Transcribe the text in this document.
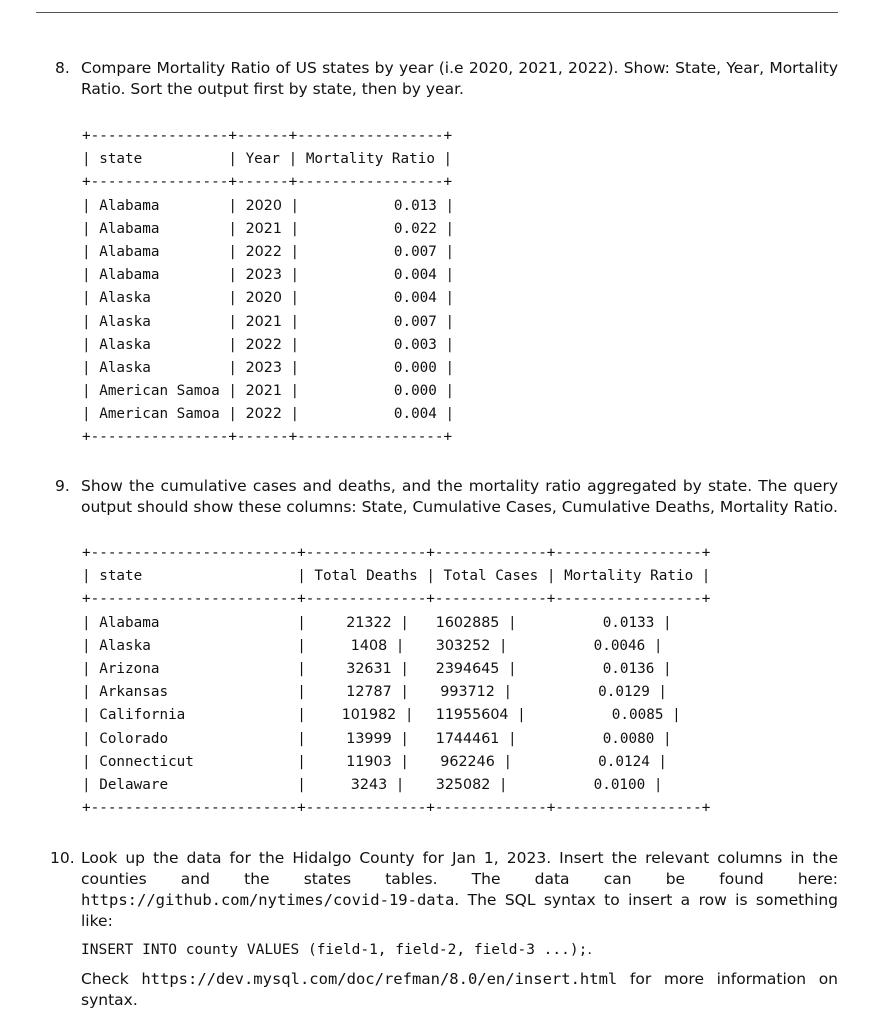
8. Compare Mortality Ratio of US states by year (i.e 2020, 2021, 2022). Show: State, Year, Mortality Ratio. Sort the output first by state, then by year.
+----------------+------+-----------------+
| state          | Year | Mortality Ratio |
+----------------+------+-----------------+
| Alabama        | 2020 |           0.013 |
| Alabama        | 2021 |           0.022 |
| Alabama        | 2022 |           0.007 |
| Alabama        | 2023 |           0.004 |
| Alaska         | 2020 |           0.004 |
| Alaska         | 2021 |           0.007 |
| Alaska         | 2022 |           0.003 |
| Alaska         | 2023 |           0.000 |
| American Samoa | 2021 |           0.000 |
| American Samoa | 2022 |           0.004 |
+----------------+------+-----------------+
9. Show the cumulative cases and deaths, and the mortality ratio aggregated by state. The query output should show these columns: State, Cumulative Cases, Cumulative Deaths, Mortality Ratio.
+------------------------+--------------+-------------+-----------------+
| state                  | Total Deaths | Total Cases | Mortality Ratio |
+------------------------+--------------+-------------+-----------------+
| Alabama                |        21322 |     1602885 |          0.0133 |
| Alaska                 |         1408 |      303252 |          0.0046 |
| Arizona                |        32631 |     2394645 |          0.0136 |
| Arkansas               |        12787 |      993712 |          0.0129 |
| California             |       101982 |    11955604 |          0.0085 |
| Colorado               |        13999 |     1744461 |          0.0080 |
| Connecticut            |        11903 |      962246 |          0.0124 |
| Delaware               |         3243 |      325082 |          0.0100 |
+------------------------+--------------+-------------+-----------------+
10. Look up the data for the Hidalgo County for Jan 1, 2023. Insert the relevant columns in the counties and the states tables. The data can be found here: https://github.com/nytimes/covid-19-data. The SQL syntax to insert a row is something like:

INSERT INTO county VALUES (field-1, field-2, field-3 ...);.

Check https://dev.mysql.com/doc/refman/8.0/en/insert.html for more information on syntax.
